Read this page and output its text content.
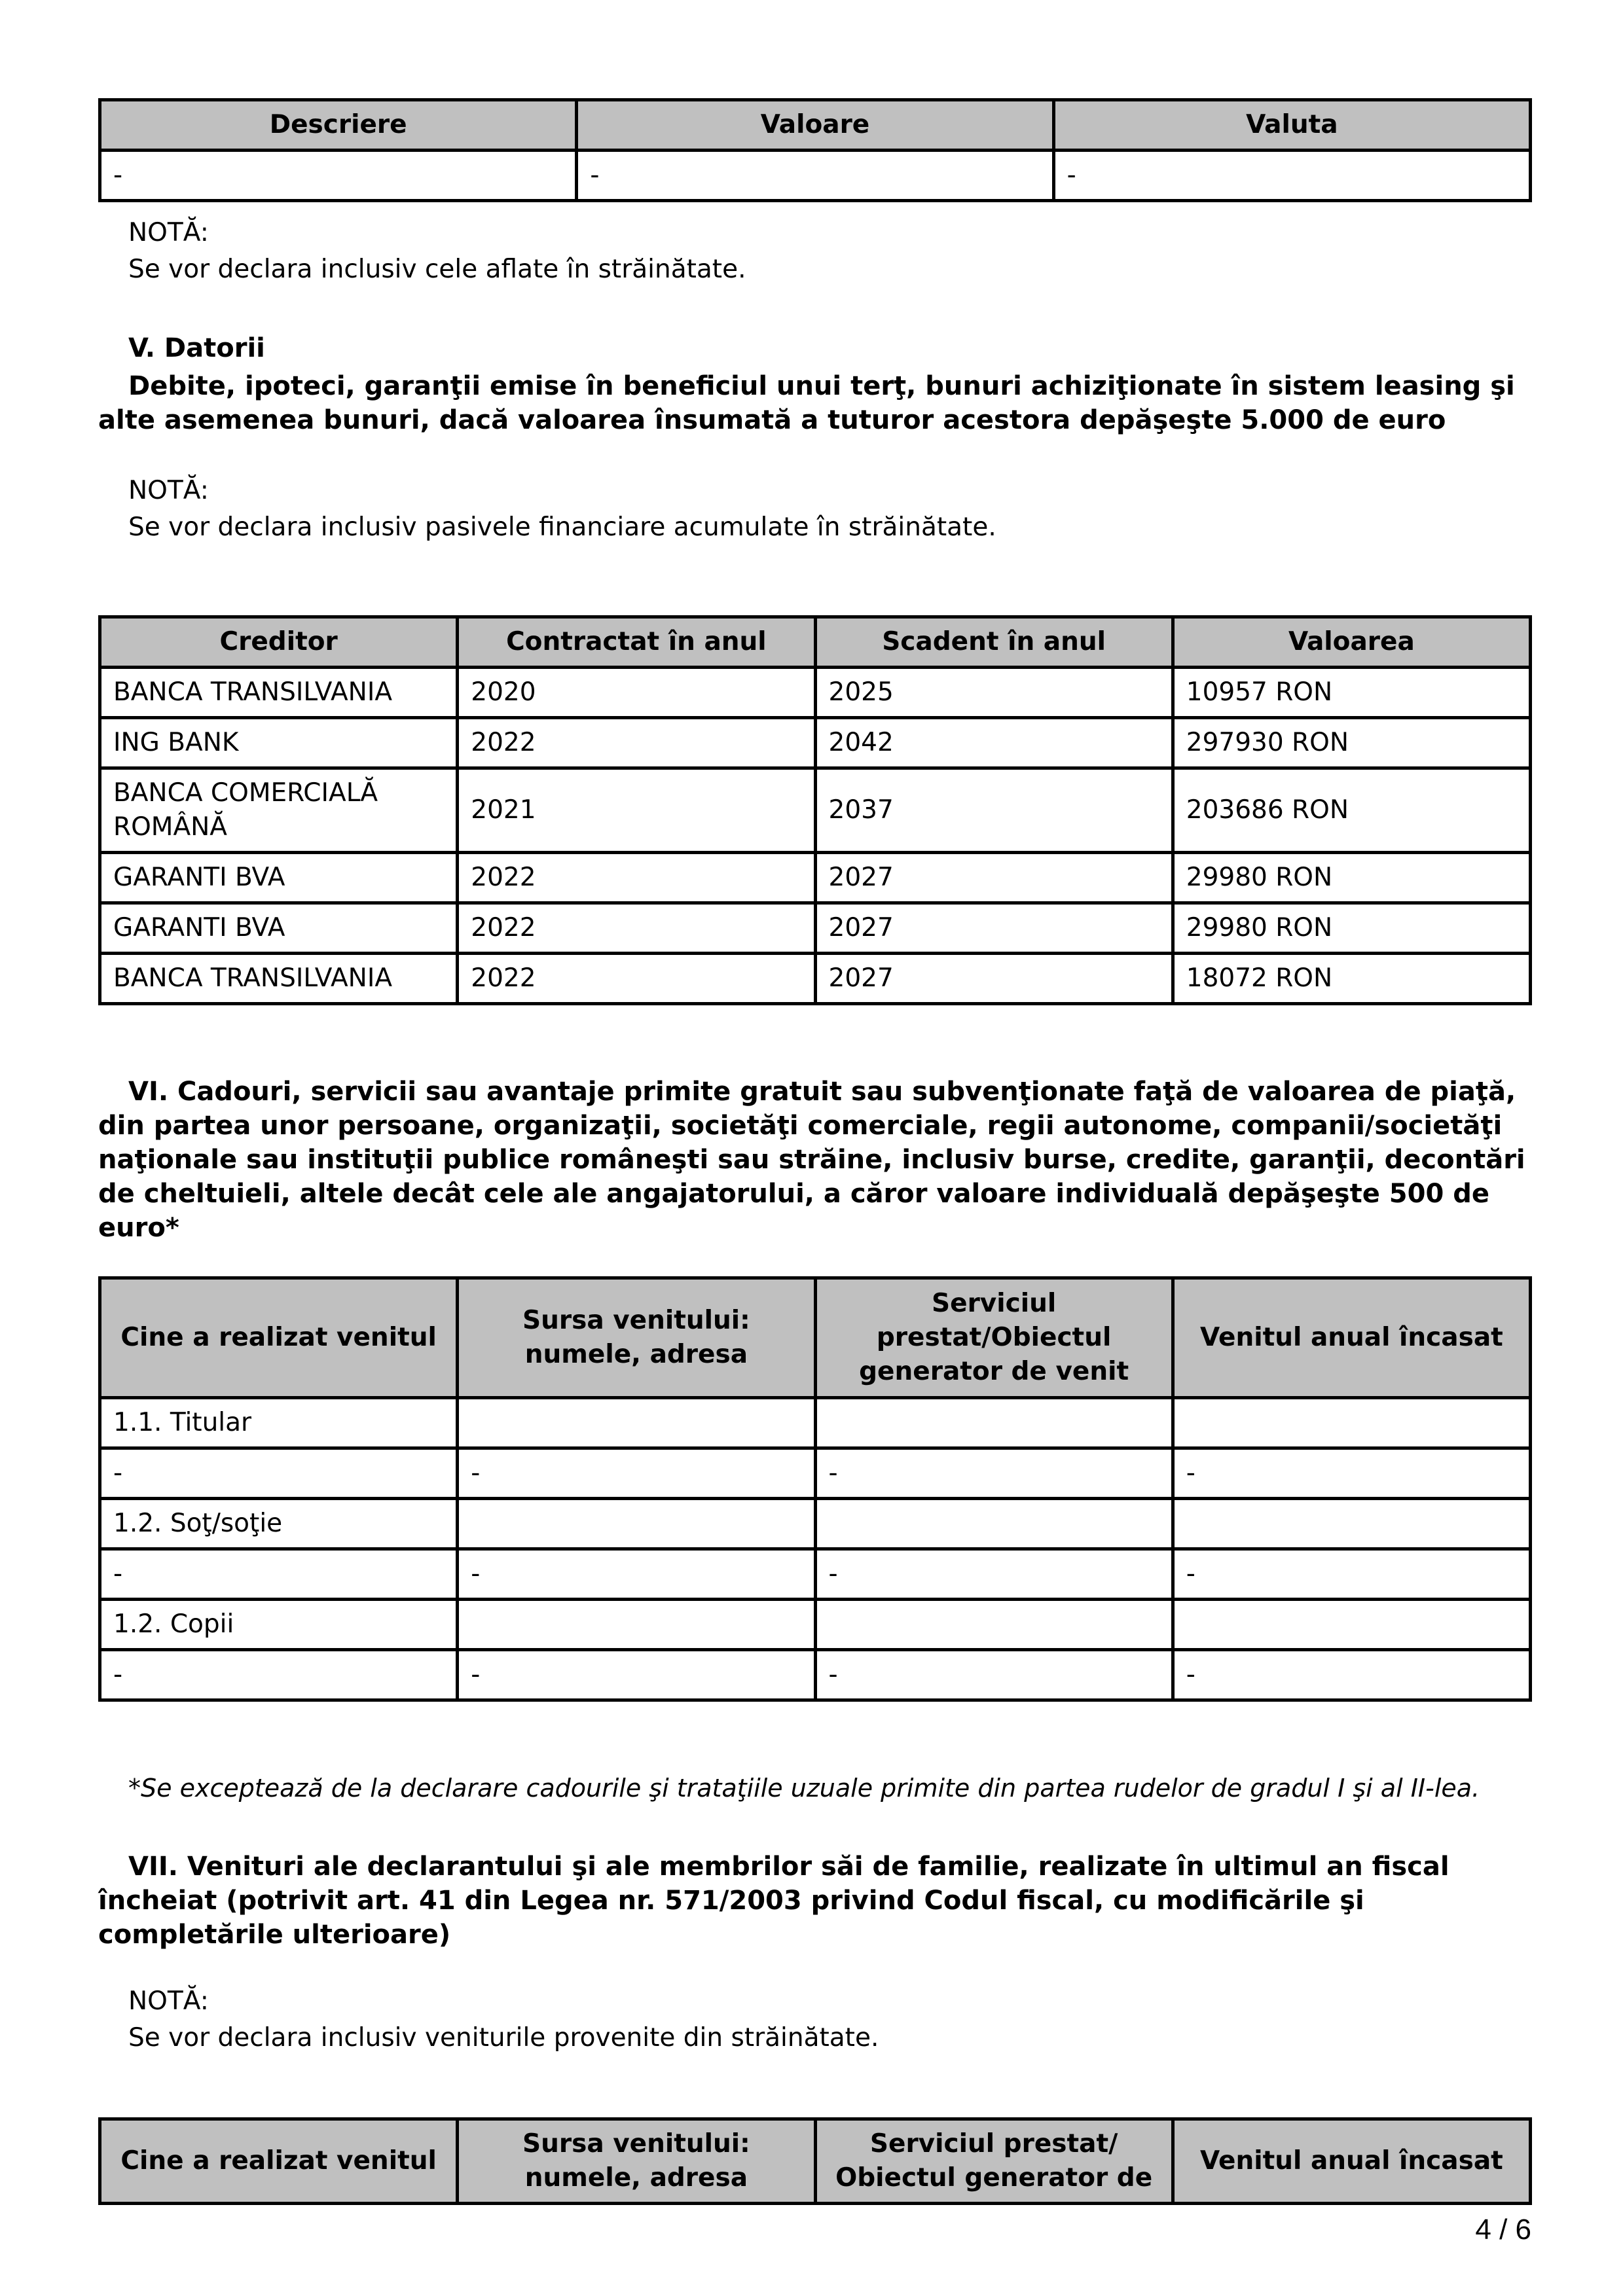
Descriere	Valoare	Valuta
-	-	-
NOTĂ:
Se vor declara inclusiv cele aflate în străinătate.
V. Datorii
Debite, ipoteci, garanţii emise în beneficiul unui terţ, bunuri achiziţionate în sistem leasing şi alte asemenea bunuri, dacă valoarea însumată a tuturor acestora depăşeşte 5.000 de euro
NOTĂ:
Se vor declara inclusiv pasivele financiare acumulate în străinătate.
Creditor	Contractat în anul	Scadent în anul	Valoarea
BANCA TRANSILVANIA	2020	2025	10957 RON
ING BANK	2022	2042	297930 RON
BANCA COMERCIALĂ ROMÂNĂ	2021	2037	203686 RON
GARANTI BVA	2022	2027	29980 RON
GARANTI BVA	2022	2027	29980 RON
BANCA TRANSILVANIA	2022	2027	18072 RON
VI. Cadouri, servicii sau avantaje primite gratuit sau subvenţionate faţă de valoarea de piaţă, din partea unor persoane, organizaţii, societăţi comerciale, regii autonome, companii/societăţi naţionale sau instituţii publice româneşti sau străine, inclusiv burse, credite, garanţii, decontări de cheltuieli, altele decât cele ale angajatorului, a căror valoare individuală depăşeşte 500 de euro*
Cine a realizat venitul	Sursa venitului: numele, adresa	Serviciul prestat/Obiectul generator de venit	Venitul anual încasat
1.1. Titular			
-	-	-	-
1.2. Soţ/soţie			
-	-	-	-
1.2. Copii			
-	-	-	-
*Se exceptează de la declarare cadourile şi trataţiile uzuale primite din partea rudelor de gradul I şi al II-lea.
VII. Venituri ale declarantului şi ale membrilor săi de familie, realizate în ultimul an fiscal încheiat (potrivit art. 41 din Legea nr. 571/2003 privind Codul fiscal, cu modificările şi completările ulterioare)
NOTĂ:
Se vor declara inclusiv veniturile provenite din străinătate.
Cine a realizat venitul	Sursa venitului: numele, adresa	Serviciul prestat/ Obiectul generator de	Venitul anual încasat
4 / 6
